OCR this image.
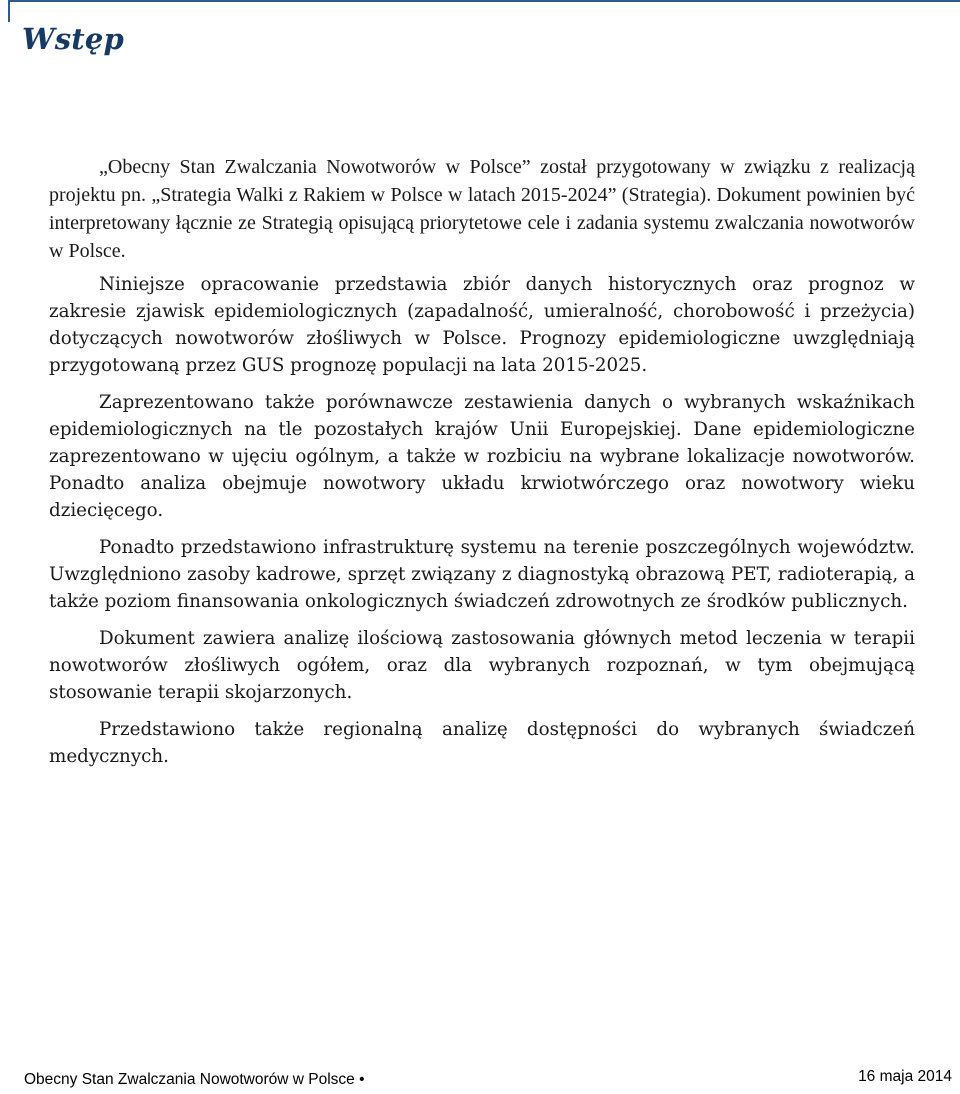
Wstęp

„Obecny Stan Zwalczania Nowotworów w Polsce” został przygotowany w związku z realizacją projektu pn. „Strategia Walki z Rakiem w Polsce w latach 2015-2024” (Strategia). Dokument powinien być interpretowany łącznie ze Strategią opisującą priorytetowe cele i zadania systemu zwalczania nowotworów w Polsce.

Niniejsze opracowanie przedstawia zbiór danych historycznych oraz prognoz w zakresie zjawisk epidemiologicznych (zapadalność, umieralność, chorobowość i przeżycia) dotyczących nowotworów złośliwych w Polsce. Prognozy epidemiologiczne uwzględniają przygotowaną przez GUS prognozę populacji na lata 2015-2025.

Zaprezentowano także porównawcze zestawienia danych o wybranych wskaźnikach epidemiologicznych na tle pozostałych krajów Unii Europejskiej. Dane epidemiologiczne zaprezentowano w ujęciu ogólnym, a także w rozbiciu na wybrane lokalizacje nowotworów. Ponadto analiza obejmuje nowotwory układu krwiotwórczego oraz nowotwory wieku dziecięcego.

Ponadto przedstawiono infrastrukturę systemu na terenie poszczególnych województw. Uwzględniono zasoby kadrowe, sprzęt związany z diagnostyką obrazową PET, radioterapią, a także poziom finansowania onkologicznych świadczeń zdrowotnych ze środków publicznych.

Dokument zawiera analizę ilościową zastosowania głównych metod leczenia w terapii nowotworów złośliwych ogółem, oraz dla wybranych rozpoznań, w tym obejmującą stosowanie terapii skojarzonych.

Przedstawiono także regionalną analizę dostępności do wybranych świadczeń medycznych.

Obecny Stan Zwalczania Nowotworów w Polsce •	16 maja 2014
